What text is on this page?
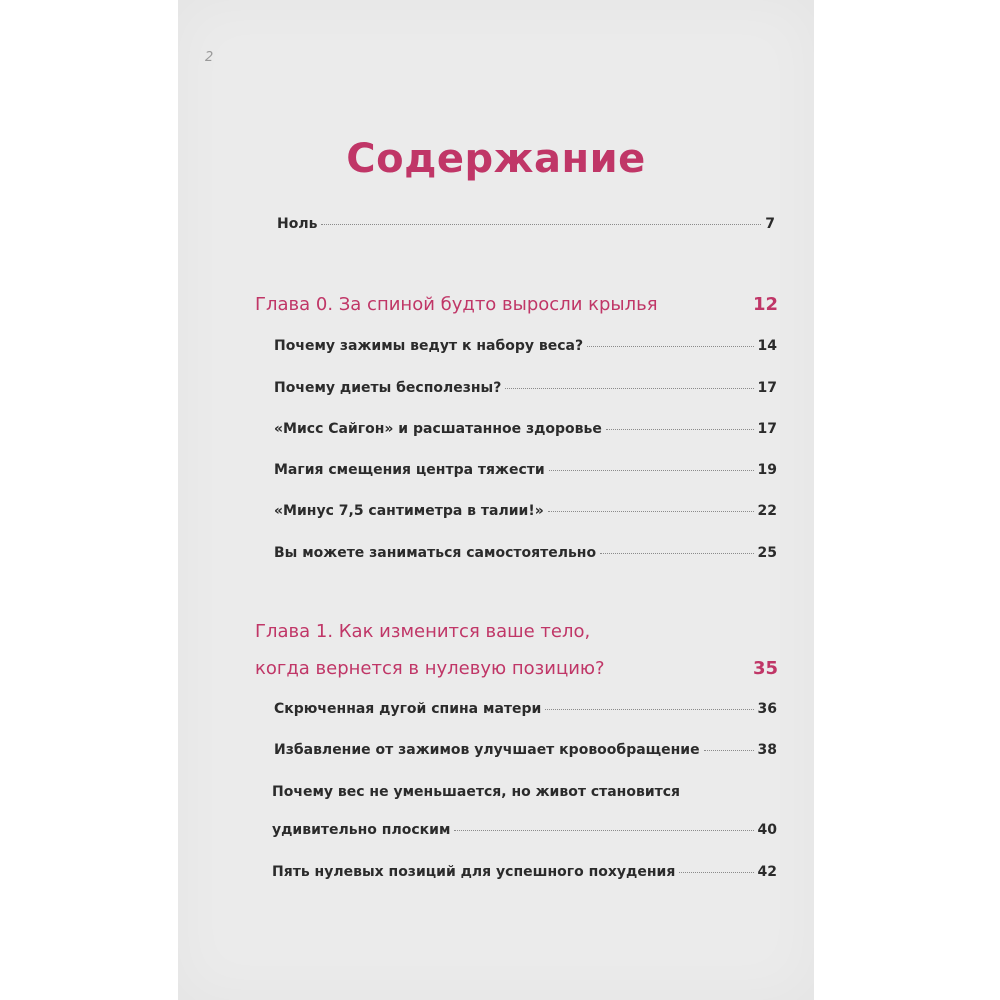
2
Содержание
Ноль	7
Глава 0. За спиной будто выросли крылья	12
Почему зажимы ведут к набору веса?	14
Почему диеты бесполезны?	17
«Мисс Сайгон» и расшатанное здоровье	17
Магия смещения центра тяжести	19
«Минус 7,5 сантиметра в талии!»	22
Вы можете заниматься самостоятельно	25
Глава 1. Как изменится ваше тело,
когда вернется в нулевую позицию?	35
Скрюченная дугой спина матери	36
Избавление от зажимов улучшает кровообращение	38
Почему вес не уменьшается, но живот становится
удивительно плоским	40
Пять нулевых позиций для успешного похудения	42
